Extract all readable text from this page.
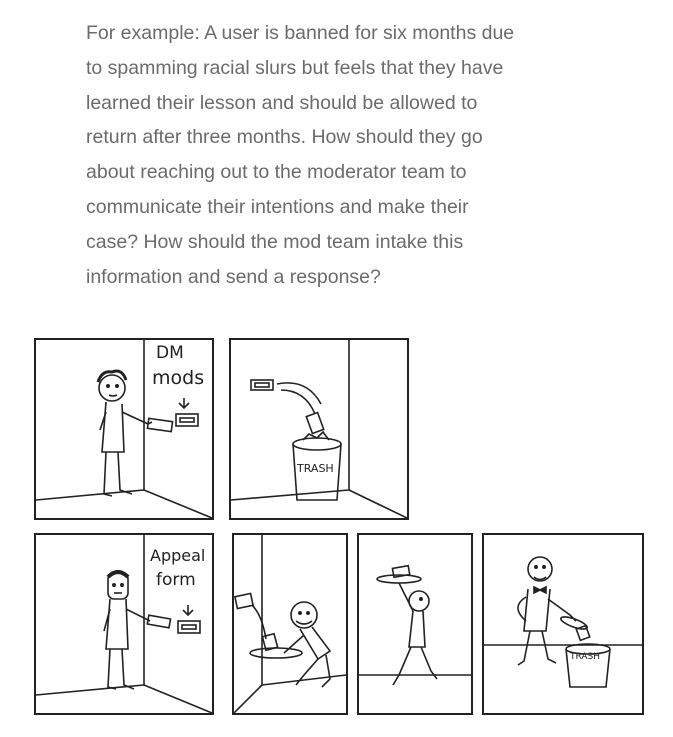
For example: A user is banned for six months due
to spamming racial slurs but feels that they have
learned their lesson and should be allowed to
return after three months. How should they go
about reaching out to the moderator team to
communicate their intentions and make their
case? How should the mod team intake this
information and send a response?
DM
mods
TRASH
Appeal
form
TRASH
